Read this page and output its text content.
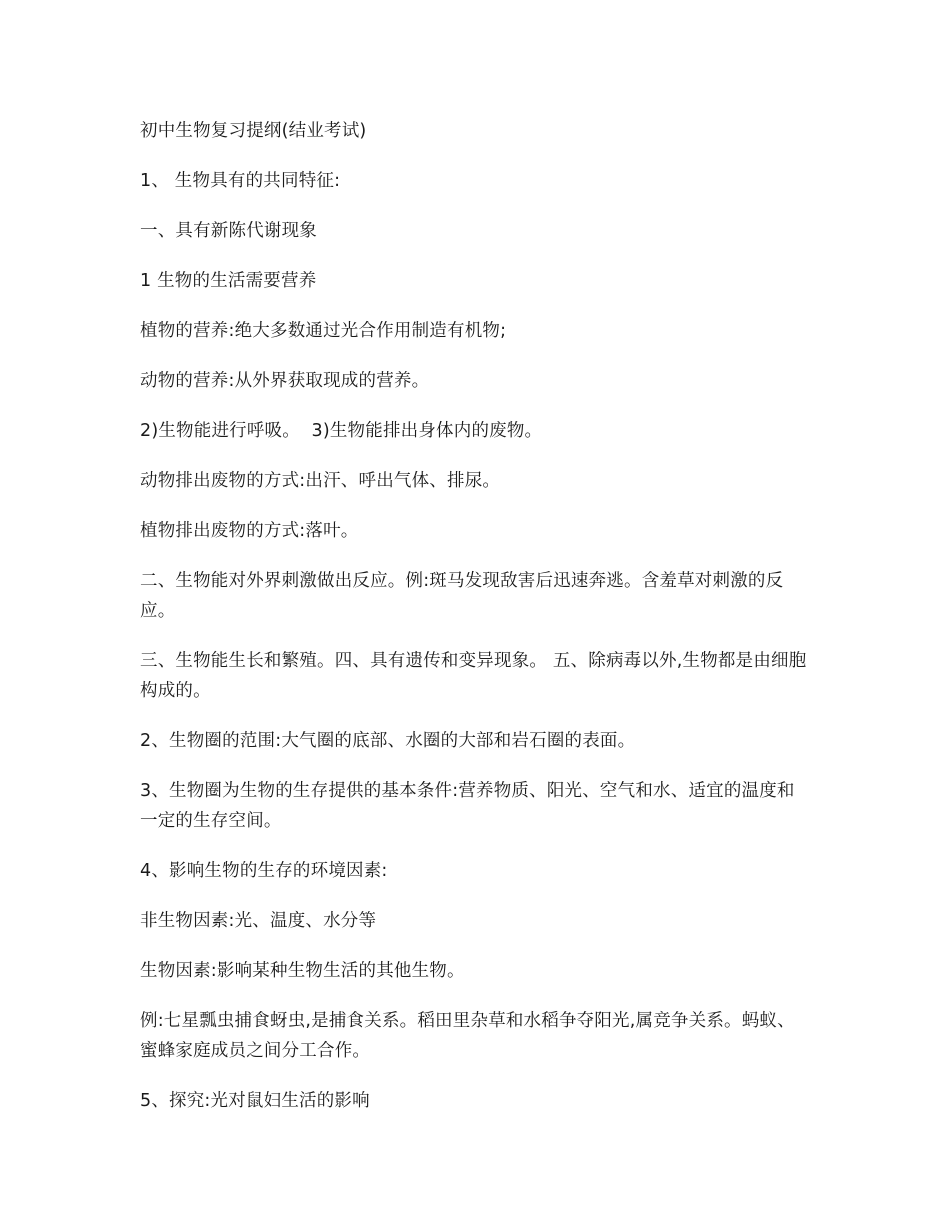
初中生物复习提纲(结业考试)

1、 生物具有的共同特征:

一、具有新陈代谢现象

1 生物的生活需要营养

植物的营养:绝大多数通过光合作用制造有机物;

动物的营养:从外界获取现成的营养。

2)生物能进行呼吸。  3)生物能排出身体内的废物。

动物排出废物的方式:出汗、呼出气体、排尿。

植物排出废物的方式:落叶。

二、生物能对外界刺激做出反应。例:斑马发现敌害后迅速奔逃。含羞草对刺激的反应。

三、生物能生长和繁殖。四、具有遗传和变异现象。 五、除病毒以外,生物都是由细胞构成的。

2、生物圈的范围:大气圈的底部、水圈的大部和岩石圈的表面。

3、生物圈为生物的生存提供的基本条件:营养物质、阳光、空气和水、适宜的温度和一定的生存空间。

4、影响生物的生存的环境因素:

非生物因素:光、温度、水分等

生物因素:影响某种生物生活的其他生物。

例:七星瓢虫捕食蚜虫,是捕食关系。稻田里杂草和水稻争夺阳光,属竞争关系。蚂蚁、蜜蜂家庭成员之间分工合作。

5、探究:光对鼠妇生活的影响
